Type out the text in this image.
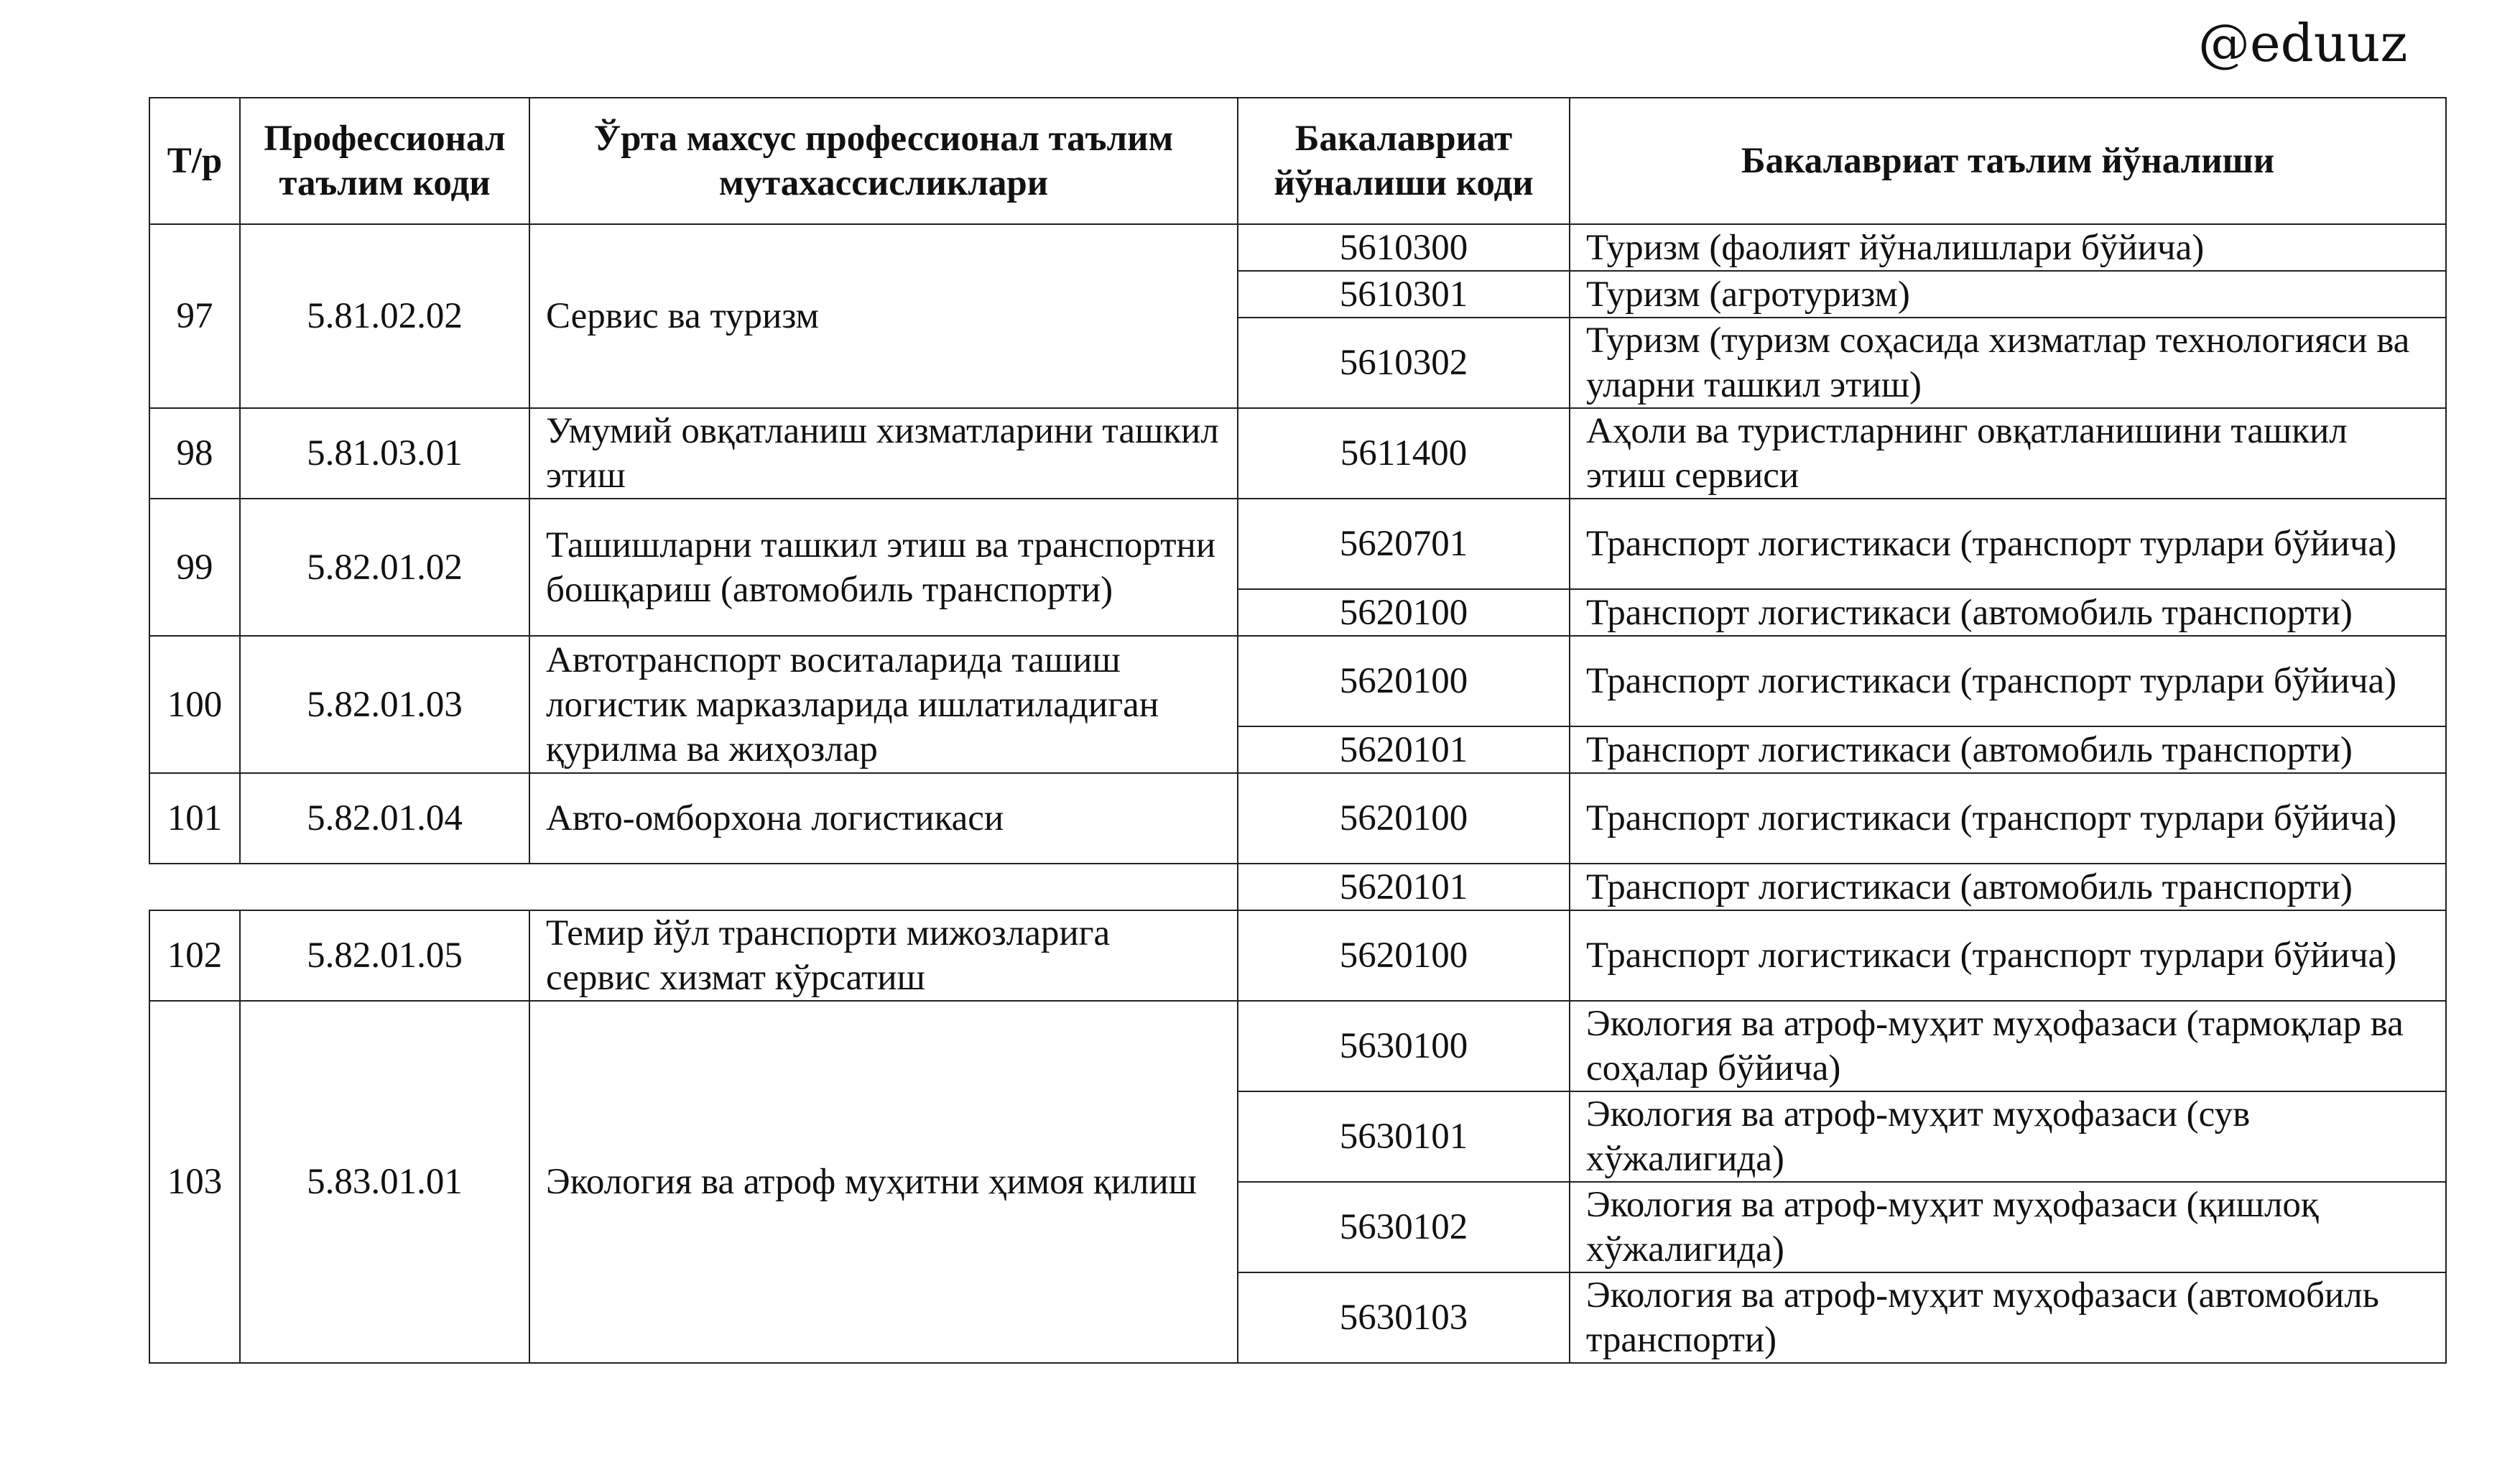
@eduuz
Т/р	Профессионал таълим коди	Ўрта махсус профессионал таълим мутахассисликлари	Бакалавриат йўналиши коди	Бакалавриат таълим йўналиши
97	5.81.02.02	Сервис ва туризм	5610300	Туризм (фаолият йўналишлари бўйича)
			5610301	Туризм (агротуризм)
			5610302	Туризм (туризм соҳасида хизматлар технологияси ва уларни ташкил этиш)
98	5.81.03.01	Умумий овқатланиш хизматларини ташкил этиш	5611400	Аҳоли ва туристларнинг овқатланишини ташкил этиш сервиси
99	5.82.01.02	Ташишларни ташкил этиш ва транспортни бошқариш (автомобиль транспорти)	5620701	Транспорт логистикаси (транспорт турлари бўйича)
			5620100	Транспорт логистикаси (автомобиль транспорти)
100	5.82.01.03	Автотранспорт воситаларида ташиш логистик марказларида ишлатиладиган қурилма ва жиҳозлар	5620100	Транспорт логистикаси (транспорт турлари бўйича)
			5620101	Транспорт логистикаси (автомобиль транспорти)
101	5.82.01.04	Авто-омборхона логистикаси	5620100	Транспорт логистикаси (транспорт турлари бўйича)
			5620101	Транспорт логистикаси (автомобиль транспорти)
102	5.82.01.05	Темир йўл транспорти мижозларига сервис хизмат кўрсатиш	5620100	Транспорт логистикаси (транспорт турлари бўйича)
103	5.83.01.01	Экология ва атроф муҳитни ҳимоя қилиш	5630100	Экология ва атроф-муҳит муҳофазаси (тармоқлар ва соҳалар бўйича)
			5630101	Экология ва атроф-муҳит муҳофазаси (сув хўжалигида)
			5630102	Экология ва атроф-муҳит муҳофазаси (қишлоқ хўжалигида)
			5630103	Экология ва атроф-муҳит муҳофазаси (автомобиль транспорти)
